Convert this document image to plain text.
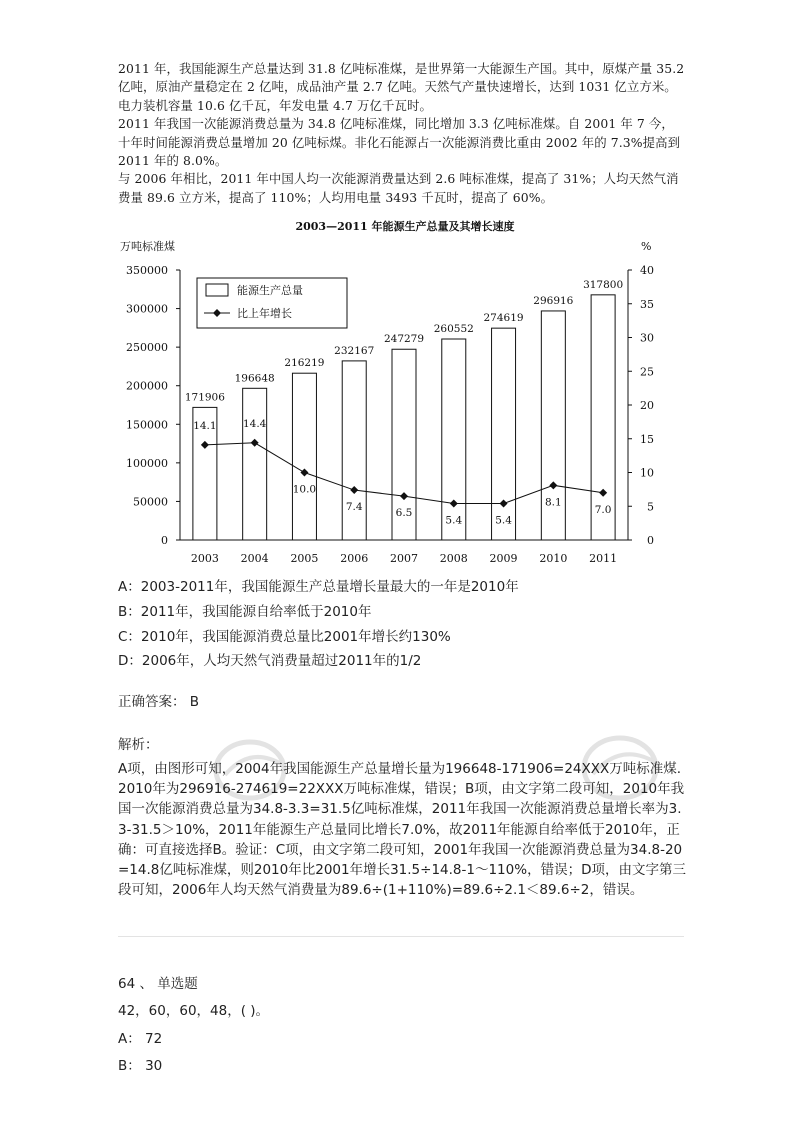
2011 年，我国能源生产总量达到 31.8 亿吨标准煤，是世界第一大能源生产国。其中，原煤产量 35.2 亿吨，原油产量稳定在 2 亿吨，成品油产量 2.7 亿吨。天然气产量快速增长，达到 1031 亿立方米。电力装机容量 10.6 亿千瓦，年发电量 4.7 万亿千瓦时。

2011 年我国一次能源消费总量为 34.8 亿吨标准煤，同比增加 3.3 亿吨标准煤。自 2001 年 7 今，十年时间能源消费总量增加 20 亿吨标煤。非化石能源占一次能源消费比重由 2002 年的 7.3%提高到 2011 年的 8.0%。

与 2006 年相比，2011 年中国人均一次能源消费量达到 2.6 吨标准煤，提高了 31%；人均天然气消费量 89.6 立方米，提高了 110%；人均用电量 3493 千瓦时，提高了 60%。

2003—2011 年能源生产总量及其增长速度
万吨标准煤	%
0
50000
100000
150000
200000
250000
300000
350000
0
5
10
15
20
25
30
35
40
171906
2003
196648
2004
216219
2005
232167
2006
247279
2007
260552
2008
274619
2009
296916
2010
317800
2011
14.1	14.4
10.0
7.4
6.5
5.4	5.4
8.1
7.0
能源生产总量
比上年增长
A：2003-2011年，我国能源生产总量增长量最大的一年是2010年
B：2011年，我国能源自给率低于2010年
C：2010年，我国能源消费总量比2001年增长约130%
D：2006年，人均天然气消费量超过2011年的1/2
正确答案： B
解析：
A项，由图形可知，2004年我国能源生产总量增长量为196648-171906=24XXX万吨标准煤.2010年为296916-274619=22XXX万吨标准煤，错误；B项，由文字第二段可知，2010年我国一次能源消费总量为34.8-3.3=31.5亿吨标准煤，2011年我国一次能源消费总量增长率为3.3-31.5＞10%，2011年能源生产总量同比增长7.0%，故2011年能源自给率低于2010年，正确：可直接选择B。验证：C项，由文字第二段可知，2001年我国一次能源消费总量为34.8-20=14.8亿吨标准煤，则2010年比2001年增长31.5÷14.8-1～110%，错误；D项，由文字第三段可知，2006年人均天然气消费量为89.6÷(1+110%)=89.6÷2.1＜89.6÷2，错误。
64 、 单选题
42，60，60，48，( )。
A： 72
B： 30
